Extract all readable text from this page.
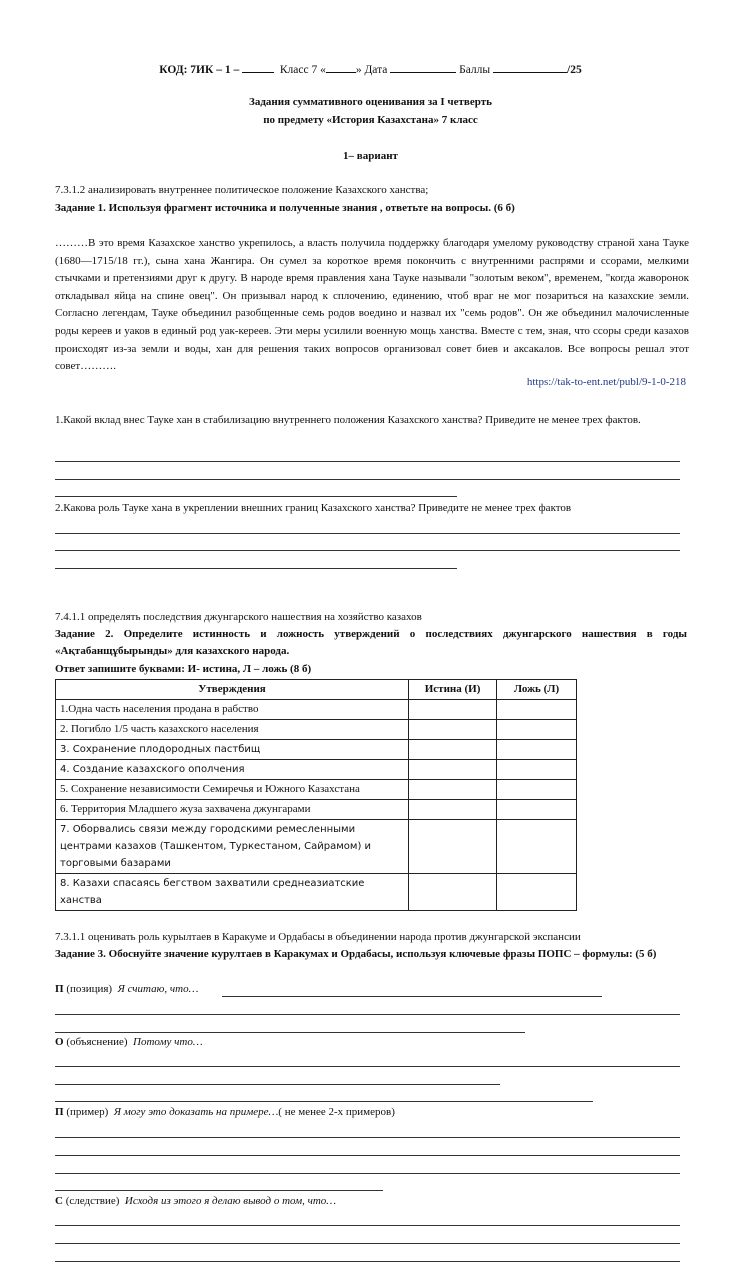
КОД: 7ИК – 1 –	Класс 7 «	» Дата	Баллы	/25
Задания суммативного оценивания за I четверть
по предмету «История Казахстана» 7 класс
1– вариант
7.3.1.2 анализировать внутреннее политическое положение Казахского ханства;
Задание 1. Используя фрагмент источника и полученные знания , ответьте на вопросы. (6 б)
………В это время Казахское ханство укрепилось, а власть получила поддержку благодаря умелому руководству страной хана Тауке (1680—1715/18 гг.), сына хана Жангира. Он сумел за короткое время покончить с внутренними распрями и ссорами, мелкими стычками и претензиями друг к другу. В народе время правления хана Тауке называли "золотым веком", временем, "когда жаворонок откладывал яйца на спине овец". Он призывал народ к сплочению, единению, чтоб враг не мог позариться на казахские земли. Согласно легендам, Тауке объединил разобщенные семь родов воедино и назвал их "семь родов". Он же объединил малочисленные роды кереев и уаков в единый род уак-кереев. Эти меры усилили военную мощь ханства. Вместе с тем, зная, что ссоры среди казахов происходят из-за земли и воды, хан для решения таких вопросов организовал совет биев и аксакалов. Все вопросы решал этот совет……….
https://tak-to-ent.net/publ/9-1-0-218
1.Какой вклад внес Тауке хан в стабилизацию внутреннего положения Казахского ханства? Приведите не менее трех фактов.
2.Какова роль Тауке хана в укреплении внешних границ Казахского ханства? Приведите не менее трех фактов
7.4.1.1 определять последствия джунгарского нашествия на хозяйство казахов
Задание 2. Определите истинность и ложность утверждений о последствиях джунгарского нашествия в годы «Ақтабанщұбырынды» для казахского народа.
Ответ запишите буквами: И- истина, Л – ложь (8 б)
Утверждения	Истина (И)	Ложь (Л)
1.Одна часть населения продана в рабство		
2. Погибло 1/5 часть казахского населения		
3. Сохранение плодородных пастбищ		
4. Создание казахского ополчения		
5. Сохранение независимости Семиречья и Южного Казахстана		
6. Территория Младшего жуза захвачена джунгарами		
7. Оборвались связи между городскими ремесленными центрами казахов (Ташкентом, Туркестаном, Сайрамом) и торговыми базарами		
8. Казахи спасаясь бегством захватили среднеазиатские ханства		
7.3.1.1 оценивать роль курылтаев в Каракуме и Ордабасы в объединении народа против джунгарской экспансии
Задание 3. Обоснуйте значение курултаев в Каракумах и Ордабасы, используя ключевые фразы ПОПС – формулы: (5 б)
П (позиция) Я считаю, что…
О (объяснение) Потому что…
П (пример) Я могу это доказать на примере…( не менее 2-х примеров)
С (следствие) Исходя из этого я делаю вывод о том, что…
